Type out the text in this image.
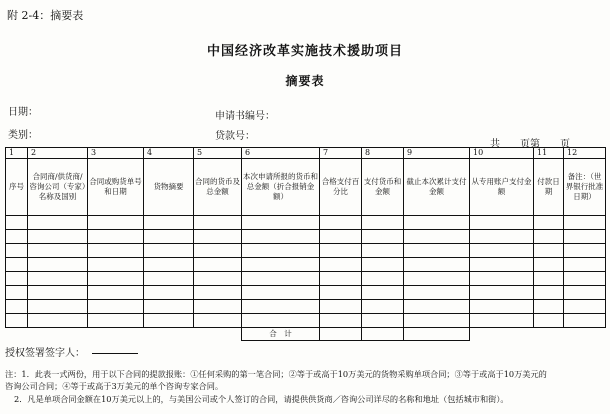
附 2-4：摘要表
中国经济改革实施技术援助项目
摘要表
日期：
类别：
申请书编号：
贷款号：
共　　页第　　页
1	2	3	4	5	6	7	8	9	10	11	12
序号	合同商/供货商/咨询公司（专家）名称及国别	合同或购货单号和日期	货物摘要	合同的货币及总金额	本次申请所报的货币和总金额（折合报销金额）	合格支付百分比	支付货币和金额	截止本次累计支付金额	从专用账户支付金额	付款日期	备注：（世界银行批准日期）

					合　计						
授权签署签字人：
注：1．此表一式两份，用于以下合同的提款报账：①任何采购的第一笔合同；②等于或高于10万美元的货物采购单项合同；③等于或高于10万美元的
咨询公司合同；④等于或高于3万美元的单个咨询专家合同。
2．凡是单项合同金额在10万美元以上的，与美国公司或个人签订的合同，请提供供货商／咨询公司详尽的名称和地址（包括城市和街）。
